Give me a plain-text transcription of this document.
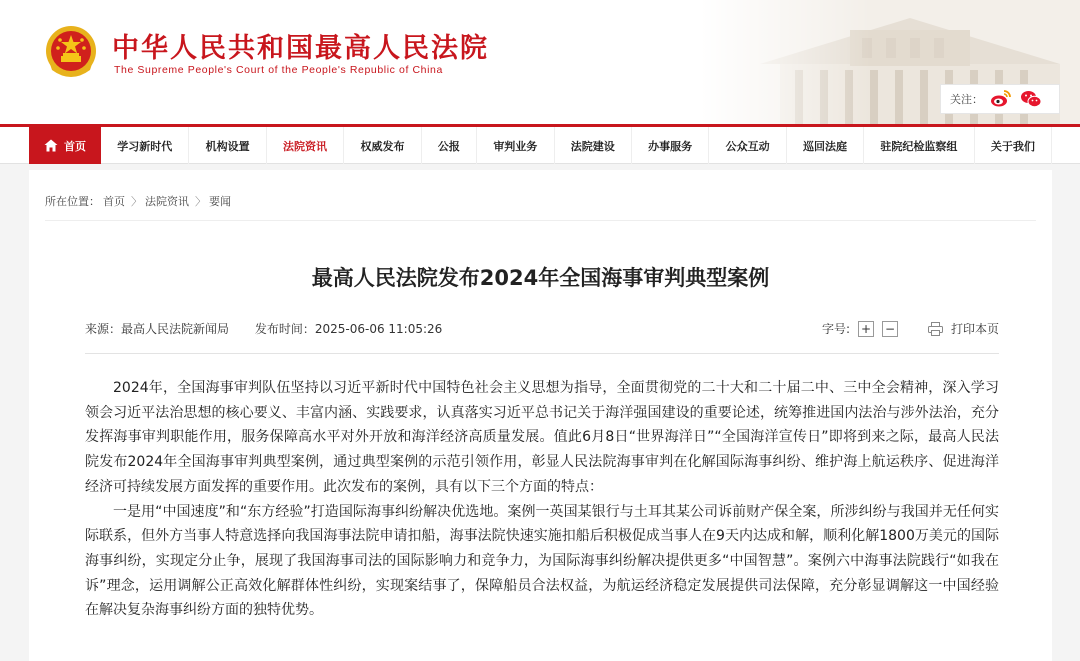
中华人民共和国最高人民法院
The Supreme People's Court of the People's Republic of China
关注：
首页	学习新时代	机构设置	法院资讯	权威发布	公报	审判业务	法院建设	办事服务	公众互动	巡回法庭	驻院纪检监察组	关于我们
所在位置： 首页 〉 法院资讯 〉 要闻
最高人民法院发布2024年全国海事审判典型案例
来源：最高人民法院新闻局 发布时间：2025-06-06 11:05:26	字号: + −	打印本页

2024年，全国海事审判队伍坚持以习近平新时代中国特色社会主义思想为指导，全面贯彻党的二十大和二十届二中、三中全会精神，深入学习领会习近平法治思想的核心要义、丰富内涵、实践要求，认真落实习近平总书记关于海洋强国建设的重要论述，统筹推进国内法治与涉外法治，充分发挥海事审判职能作用，服务保障高水平对外开放和海洋经济高质量发展。值此6月8日“世界海洋日”“全国海洋宣传日”即将到来之际，最高人民法院发布2024年全国海事审判典型案例，通过典型案例的示范引领作用，彰显人民法院海事审判在化解国际海事纠纷、维护海上航运秩序、促进海洋经济可持续发展方面发挥的重要作用。此次发布的案例，具有以下三个方面的特点：

一是用“中国速度”和“东方经验”打造国际海事纠纷解决优选地。案例一英国某银行与土耳其某公司诉前财产保全案，所涉纠纷与我国并无任何实际联系，但外方当事人特意选择向我国海事法院申请扣船，海事法院快速实施扣船后积极促成当事人在9天内达成和解，顺利化解1800万美元的国际海事纠纷，实现定分止争，展现了我国海事司法的国际影响力和竞争力，为国际海事纠纷解决提供更多“中国智慧”。案例六中海事法院践行“如我在诉”理念，运用调解公正高效化解群体性纠纷，实现案结事了，保障船员合法权益，为航运经济稳定发展提供司法保障，充分彰显调解这一中国经验在解决复杂海事纠纷方面的独特优势。
